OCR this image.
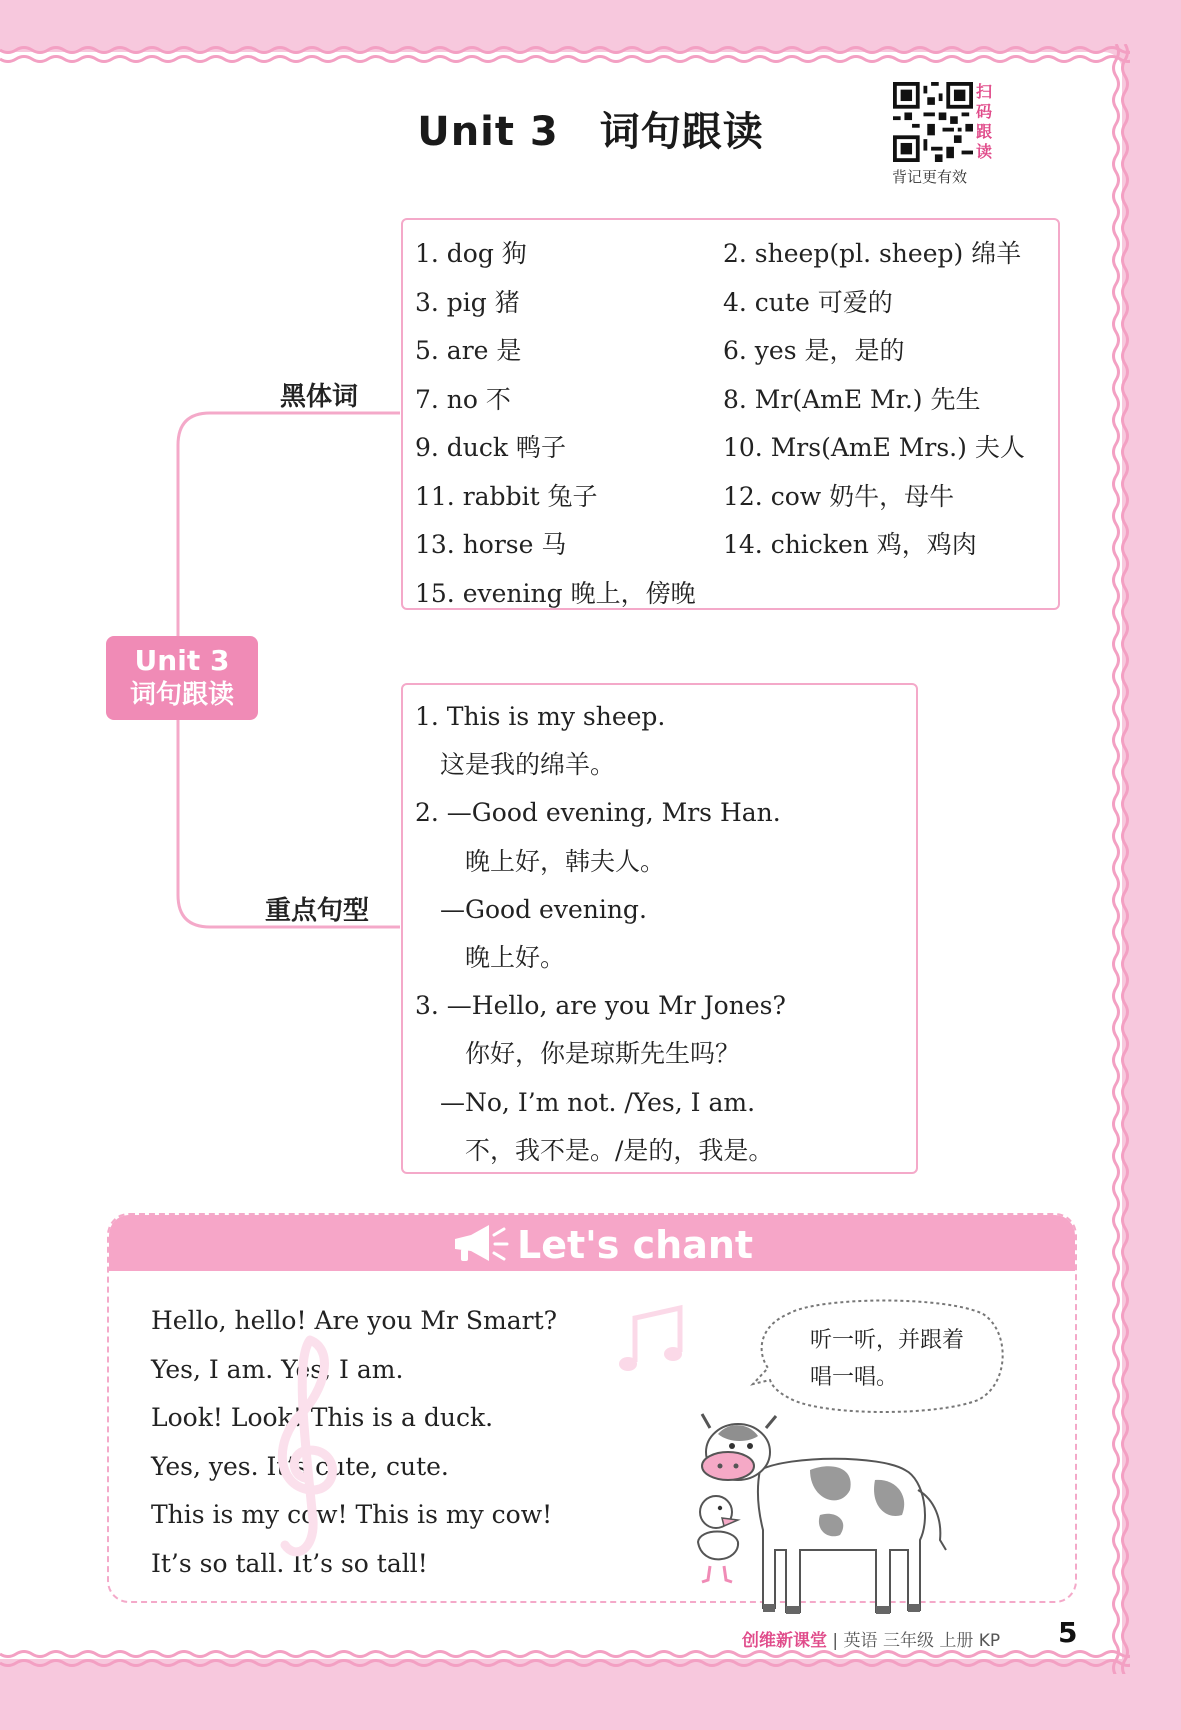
Unit 3　词句跟读
扫
码
跟
读
背记更有效
Unit 3
词句跟读
黑体词
重点句型
1. dog 狗	2. sheep(pl. sheep) 绵羊
3. pig 猪	4. cute 可爱的
5. are 是	6. yes 是，是的
7. no 不	8. Mr(AmE Mr.) 先生
9. duck 鸭子	10. Mrs(AmE Mrs.) 夫人
11. rabbit 兔子	12. cow 奶牛，母牛
13. horse 马	14. chicken 鸡，鸡肉
15. evening 晚上，傍晚
1. This is my sheep.
　这是我的绵羊。
2. —Good evening, Mrs Han.
　　晚上好，韩夫人。
　—Good evening.
　　晚上好。
3. —Hello, are you Mr Jones?
　　你好，你是琼斯先生吗？
　—No, I’m not. /Yes, I am.
　　不，我不是。/是的，我是。
Let's chant
Hello, hello! Are you Mr Smart?
Yes, I am. Yes, I am.
Look! Look! This is a duck.
Yes, yes. It’s cute, cute.
This is my cow! This is my cow!
It’s so tall. It’s so tall!
听一听，并跟着
唱一唱。
创维新课堂 | 英语 三年级 上册 KP 5
